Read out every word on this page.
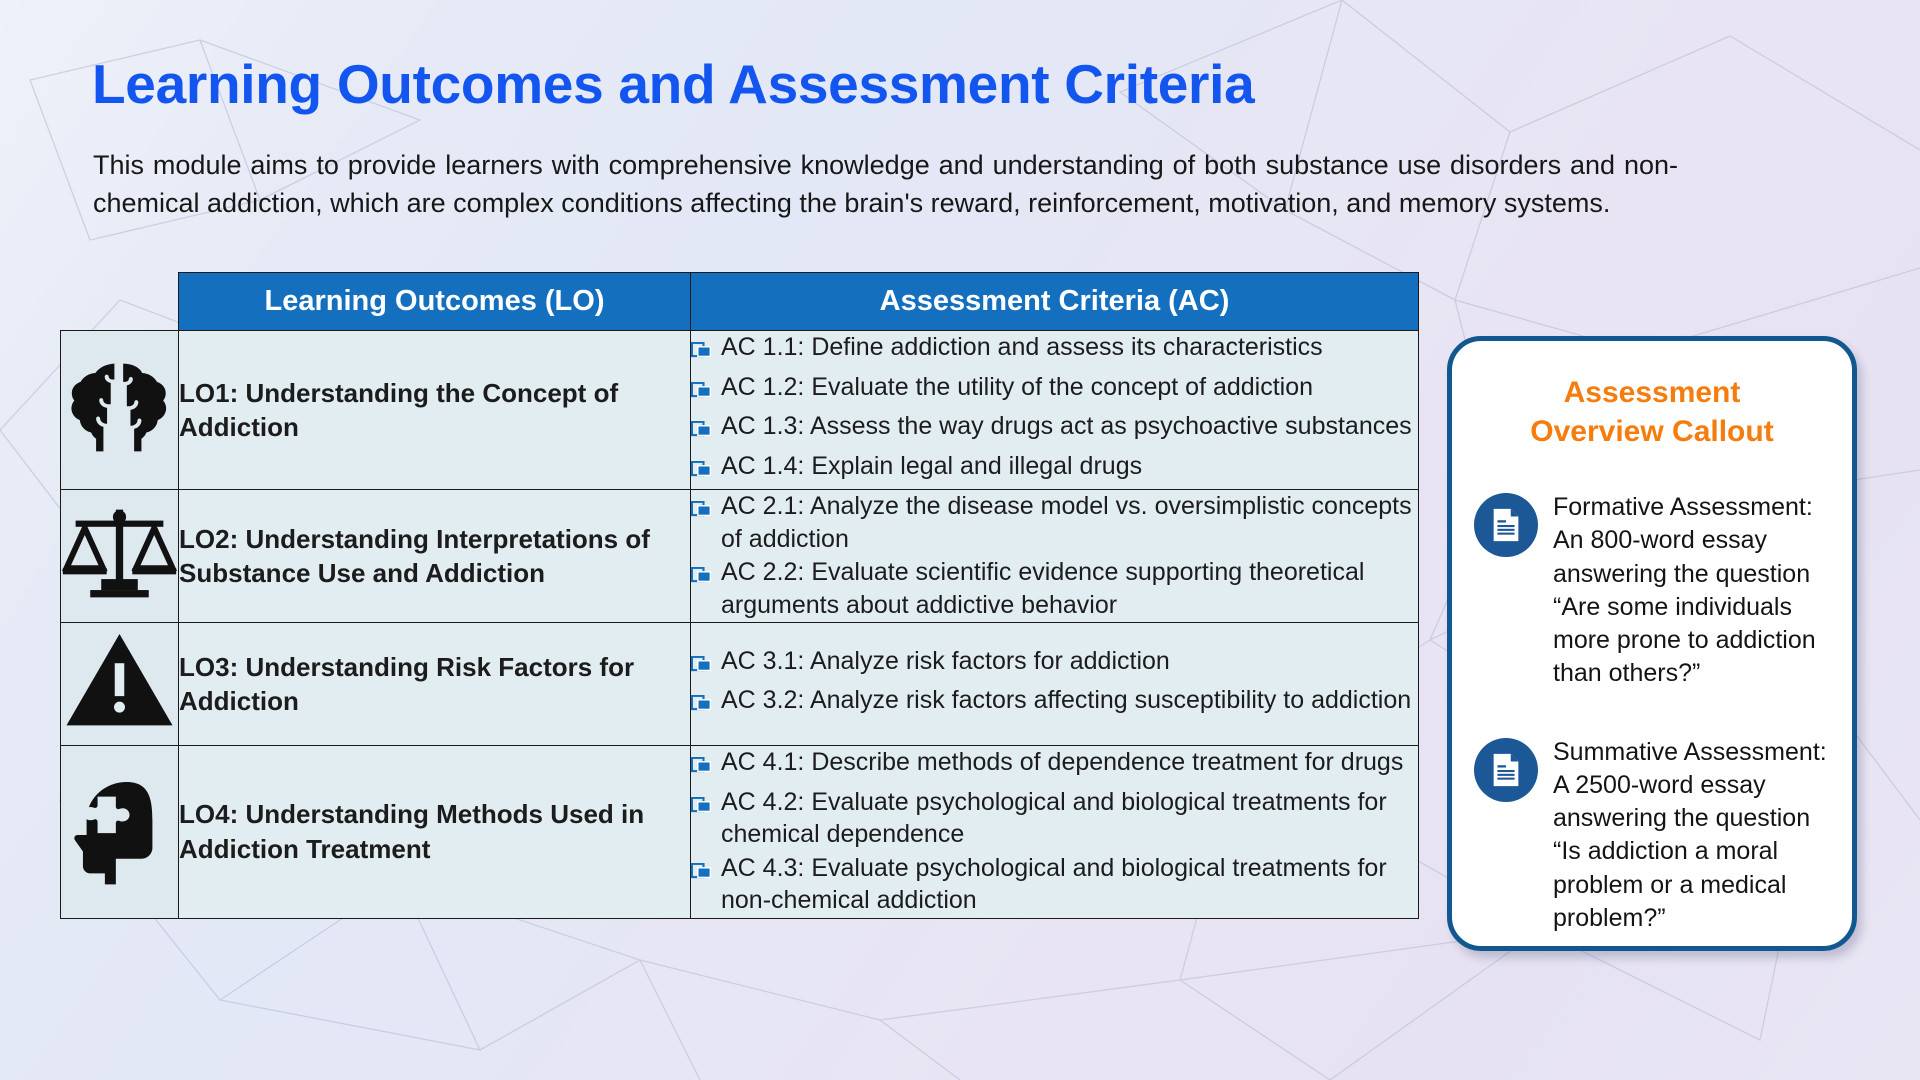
Learning Outcomes and Assessment Criteria
This module aims to provide learners with comprehensive knowledge and understanding of both substance use disorders and non-chemical addiction, which are complex conditions affecting the brain's reward, reinforcement, motivation, and memory systems.
	Learning Outcomes (LO)	Assessment Criteria (AC)
	LO1: Understanding the Concept of Addiction	
AC 1.1: Define addiction and assess its characteristics
AC 1.2: Evaluate the utility of the concept of addiction
AC 1.3: Assess the way drugs act as psychoactive substances
AC 1.4: Explain legal and illegal drugs

	LO2: Understanding Interpretations of Substance Use and Addiction	
AC 2.1: Analyze the disease model vs. oversimplistic concepts of addiction
AC 2.2: Evaluate scientific evidence supporting theoretical arguments about addictive behavior

	LO3: Understanding Risk Factors for Addiction	
AC 3.1: Analyze risk factors for addiction
AC 3.2: Analyze risk factors affecting susceptibility to addiction

	LO4: Understanding Methods Used in Addiction Treatment	
AC 4.1: Describe methods of dependence treatment for drugs
AC 4.2: Evaluate psychological and biological treatments for chemical dependence
AC 4.3: Evaluate psychological and biological treatments for non-chemical addiction
Assessment
Overview Callout
Formative Assessment: An 800-word essay answering the question “Are some individuals more prone to addiction than others?”
Summative Assessment: A 2500-word essay answering the question “Is addiction a moral problem or a medical problem?”
